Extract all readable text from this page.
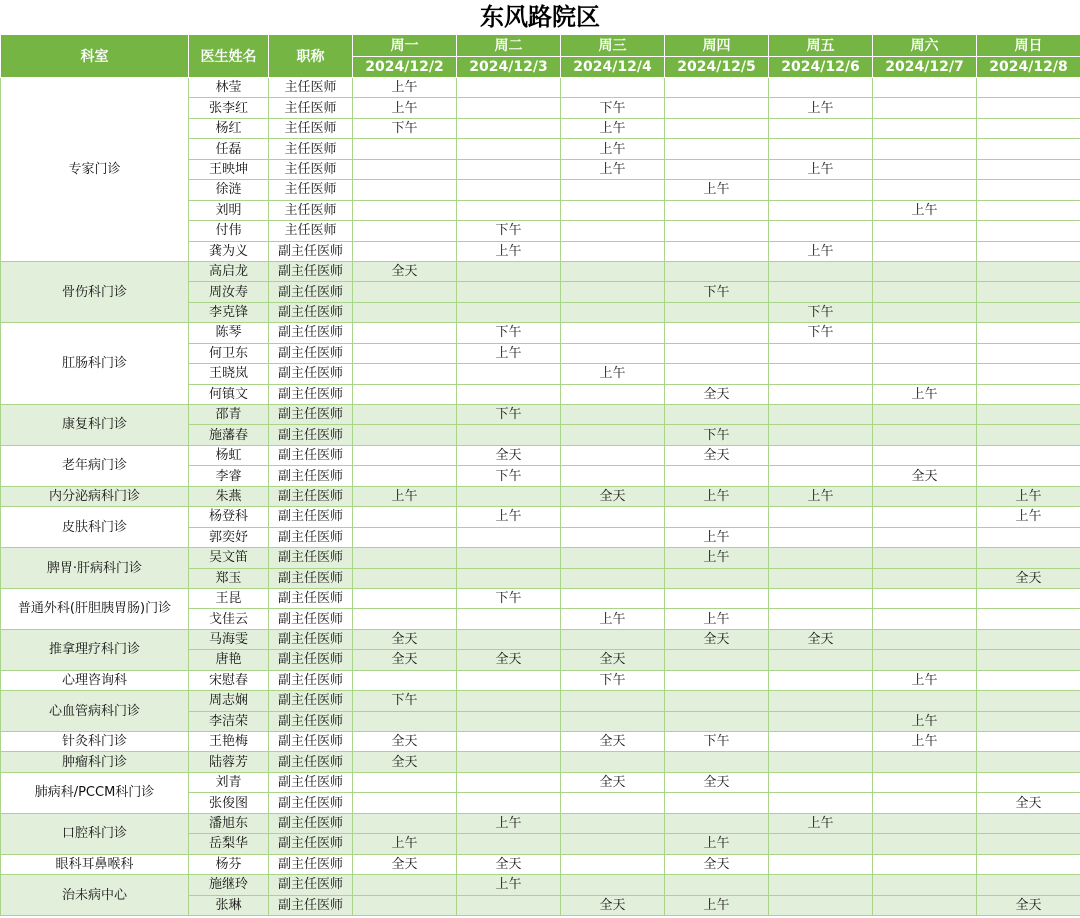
东风路院区
科室	医生姓名	职称	周一	周二	周三	周四	周五	周六	周日
			2024/12/2	2024/12/3	2024/12/4	2024/12/5	2024/12/6	2024/12/7	2024/12/8
专家门诊	林莹	主任医师	上午						
	张李红	主任医师	上午		下午		上午		
	杨红	主任医师	下午		上午				
	任磊	主任医师			上午				
	王映坤	主任医师			上午		上午		
	徐涟	主任医师				上午			
	刘明	主任医师						上午	
	付伟	主任医师		下午					
	龚为义	副主任医师		上午			上午		
骨伤科门诊	高启龙	副主任医师	全天						
	周汝寿	副主任医师				下午			
	李克锋	副主任医师					下午		
肛肠科门诊	陈琴	副主任医师		下午			下午		
	何卫东	副主任医师		上午					
	王晓岚	副主任医师			上午				
	何镇文	副主任医师				全天		上午	
康复科门诊	邵青	副主任医师		下午					
	施藩春	副主任医师				下午			
老年病门诊	杨虹	副主任医师		全天		全天			
	李睿	副主任医师		下午				全天	
内分泌病科门诊	朱燕	副主任医师	上午		全天	上午	上午		上午
皮肤科门诊	杨登科	副主任医师		上午					上午
	郭奕妤	副主任医师				上午			
脾胃·肝病科门诊	吴文笛	副主任医师				上午			
	郑玉	副主任医师							全天
普通外科(肝胆胰胃肠)门诊	王昆	副主任医师		下午					
	戈佳云	副主任医师			上午	上午			
推拿理疗科门诊	马海雯	副主任医师	全天			全天	全天		
	唐艳	副主任医师	全天	全天	全天				
心理咨询科	宋慰春	副主任医师			下午			上午	
心血管病科门诊	周志娴	副主任医师	下午						
	李洁荣	副主任医师						上午	
针灸科门诊	王艳梅	副主任医师	全天		全天	下午		上午	
肿瘤科门诊	陆蓉芳	副主任医师	全天						
肺病科/PCCM科门诊	刘青	副主任医师			全天	全天			
	张俊图	副主任医师							全天
口腔科门诊	潘旭东	副主任医师		上午			上午		
	岳梨华	副主任医师	上午			上午			
眼科耳鼻喉科	杨芬	副主任医师	全天	全天		全天			
治未病中心	施继玲	副主任医师		上午					
	张琳	副主任医师			全天	上午			全天
